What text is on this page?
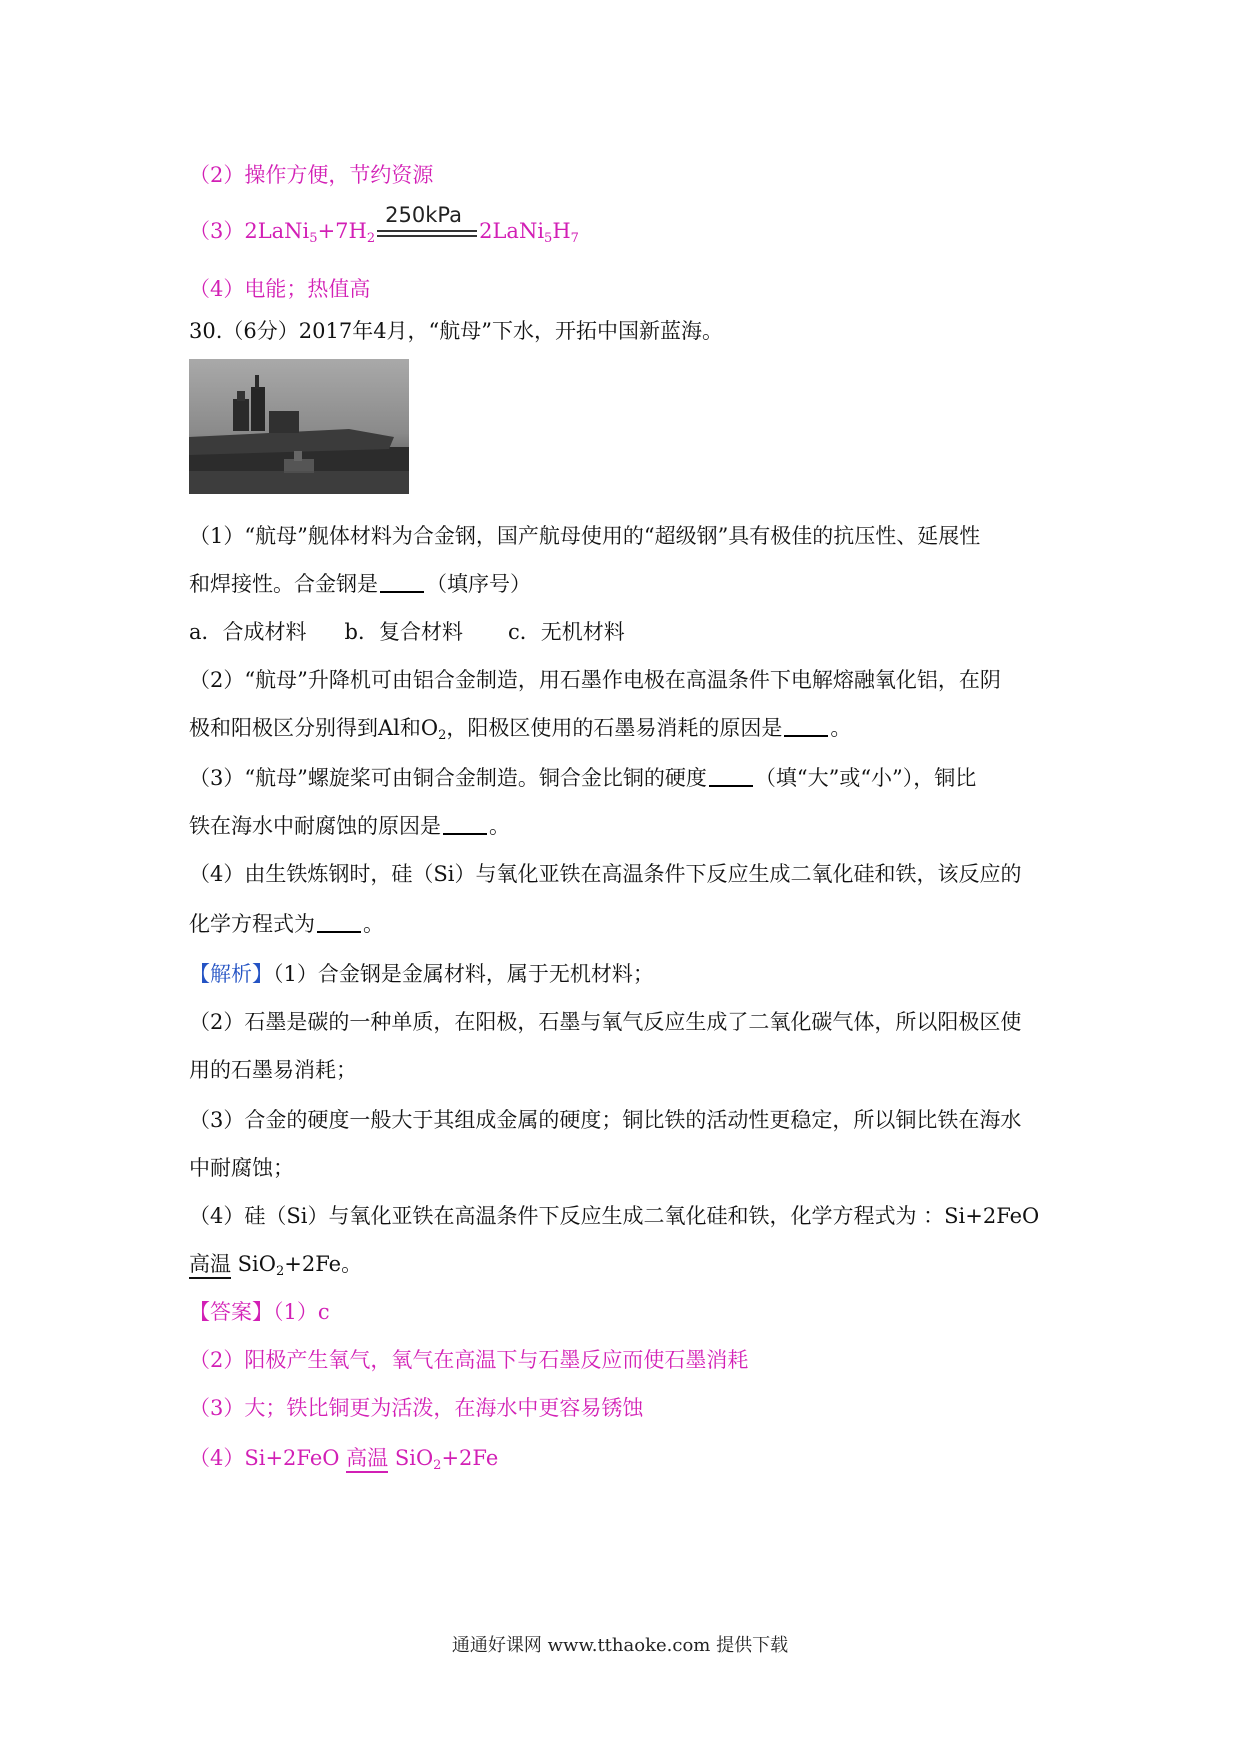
（2）操作方便，节约资源
$(3)2LaNi_5+7H_2$
250kPa
$2LaNi_5H_7$
（4）电能；热值高
30.（6分）2017年4月，“航母”下水，开拓中国新蓝海。
（1）“航母”舰体材料为合金钢，国产航母使用的“超级钢”具有极佳的抗压性、延展性
和焊接性。合金钢是 （填序号）
a．合成材料 b．复合材料 c．无机材料
（2）“航母”升降机可由铝合金制造，用石墨作电极在高温条件下电解熔融氧化铝，在阴
极和阳极区分别得到Al和$O_2$，阳极区使用的石墨易消耗的原因是 。
（3）“航母”螺旋桨可由铜合金制造。铜合金比铜的硬度 （填“大”或“小”），铜比
铁在海水中耐腐蚀的原因是 。
（4）由生铁炼钢时，硅（Si）与氧化亚铁在高温条件下反应生成二氧化硅和铁，该反应的
化学方程式为 。
【解析】（1）合金钢是金属材料，属于无机材料；
（2）石墨是碳的一种单质，在阳极，石墨与氧气反应生成了二氧化碳气体，所以阳极区使
用的石墨易消耗；
（3）合金的硬度一般大于其组成金属的硬度；铜比铁的活动性更稳定，所以铜比铁在海水
中耐腐蚀；
（4）硅（Si）与氧化亚铁在高温条件下反应生成二氧化硅和铁，化学方程式为 ：Si+2FeO
高温 SiO$_2$+2Fe。
【答案】（1）c
（2）阳极产生氧气，氧气在高温下与石墨反应而使石墨消耗
（3）大；铁比铜更为活泼，在海水中更容易锈蚀
（4）Si+2FeO 高温 SiO$_2$+2Fe
通通好课网 www.tthaoke.com 提供下载
